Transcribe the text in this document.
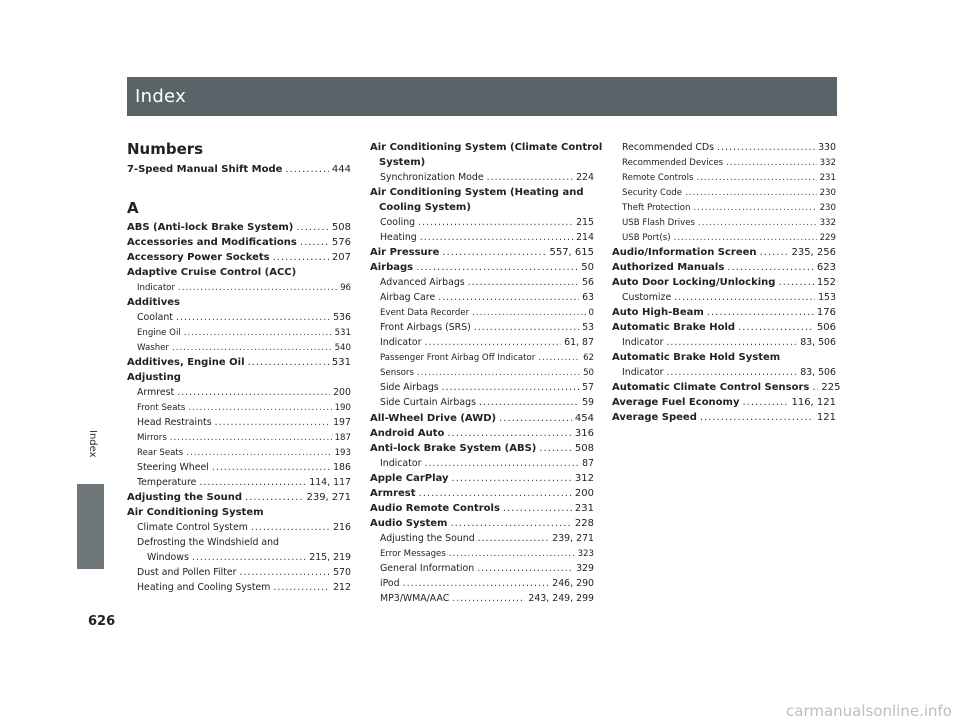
Index
Index
626
Numbers
7-Speed Manual Shift Mode .....	444
A
ABS (Anti-lock Brake System) .....	508
Accessories and Modifications .....	576
Accessory Power Sockets .....	207
Adaptive Cruise Control (ACC)
Indicator .....	96
Additives
Coolant .....	536
Engine Oil .....	531
Washer .....	540
Additives, Engine Oil .....	531
Adjusting
Armrest .....	200
Front Seats .....	190
Head Restraints .....	197
Mirrors .....	187
Rear Seats .....	193
Steering Wheel .....	186
Temperature .....	114, 117
Adjusting the Sound .....	239, 271
Air Conditioning System
Climate Control System .....	216
Defrosting the Windshield and
Windows .....	215, 219
Dust and Pollen Filter .....	570
Heating and Cooling System .....	212
Air Conditioning System (Climate Control
System)
Synchronization Mode .....	224
Air Conditioning System (Heating and
Cooling System)
Cooling .....	215
Heating .....	214
Air Pressure .....	557, 615
Airbags .....	50
Advanced Airbags .....	56
Airbag Care .....	63
Event Data Recorder .....	0
Front Airbags (SRS) .....	53
Indicator .....	61, 87
Passenger Front Airbag Off Indicator .....	62
Sensors .....	50
Side Airbags .....	57
Side Curtain Airbags .....	59
All-Wheel Drive (AWD) .....	454
Android Auto .....	316
Anti-lock Brake System (ABS) .....	508
Indicator .....	87
Apple CarPlay .....	312
Armrest .....	200
Audio Remote Controls .....	231
Audio System .....	228
Adjusting the Sound .....	239, 271
Error Messages .....	323
General Information .....	329
iPod .....	246, 290
MP3/WMA/AAC .....	243, 249, 299
Recommended CDs .....	330
Recommended Devices .....	332
Remote Controls .....	231
Security Code .....	230
Theft Protection .....	230
USB Flash Drives .....	332
USB Port(s) .....	229
Audio/Information Screen .....	235, 256
Authorized Manuals .....	623
Auto Door Locking/Unlocking .....	152
Customize .....	153
Auto High-Beam .....	176
Automatic Brake Hold .....	506
Indicator .....	83, 506
Automatic Brake Hold System
Indicator .....	83, 506
Automatic Climate Control Sensors ..... 225
Average Fuel Economy .....	116, 121
Average Speed .....	121
carmanualsonline.info
